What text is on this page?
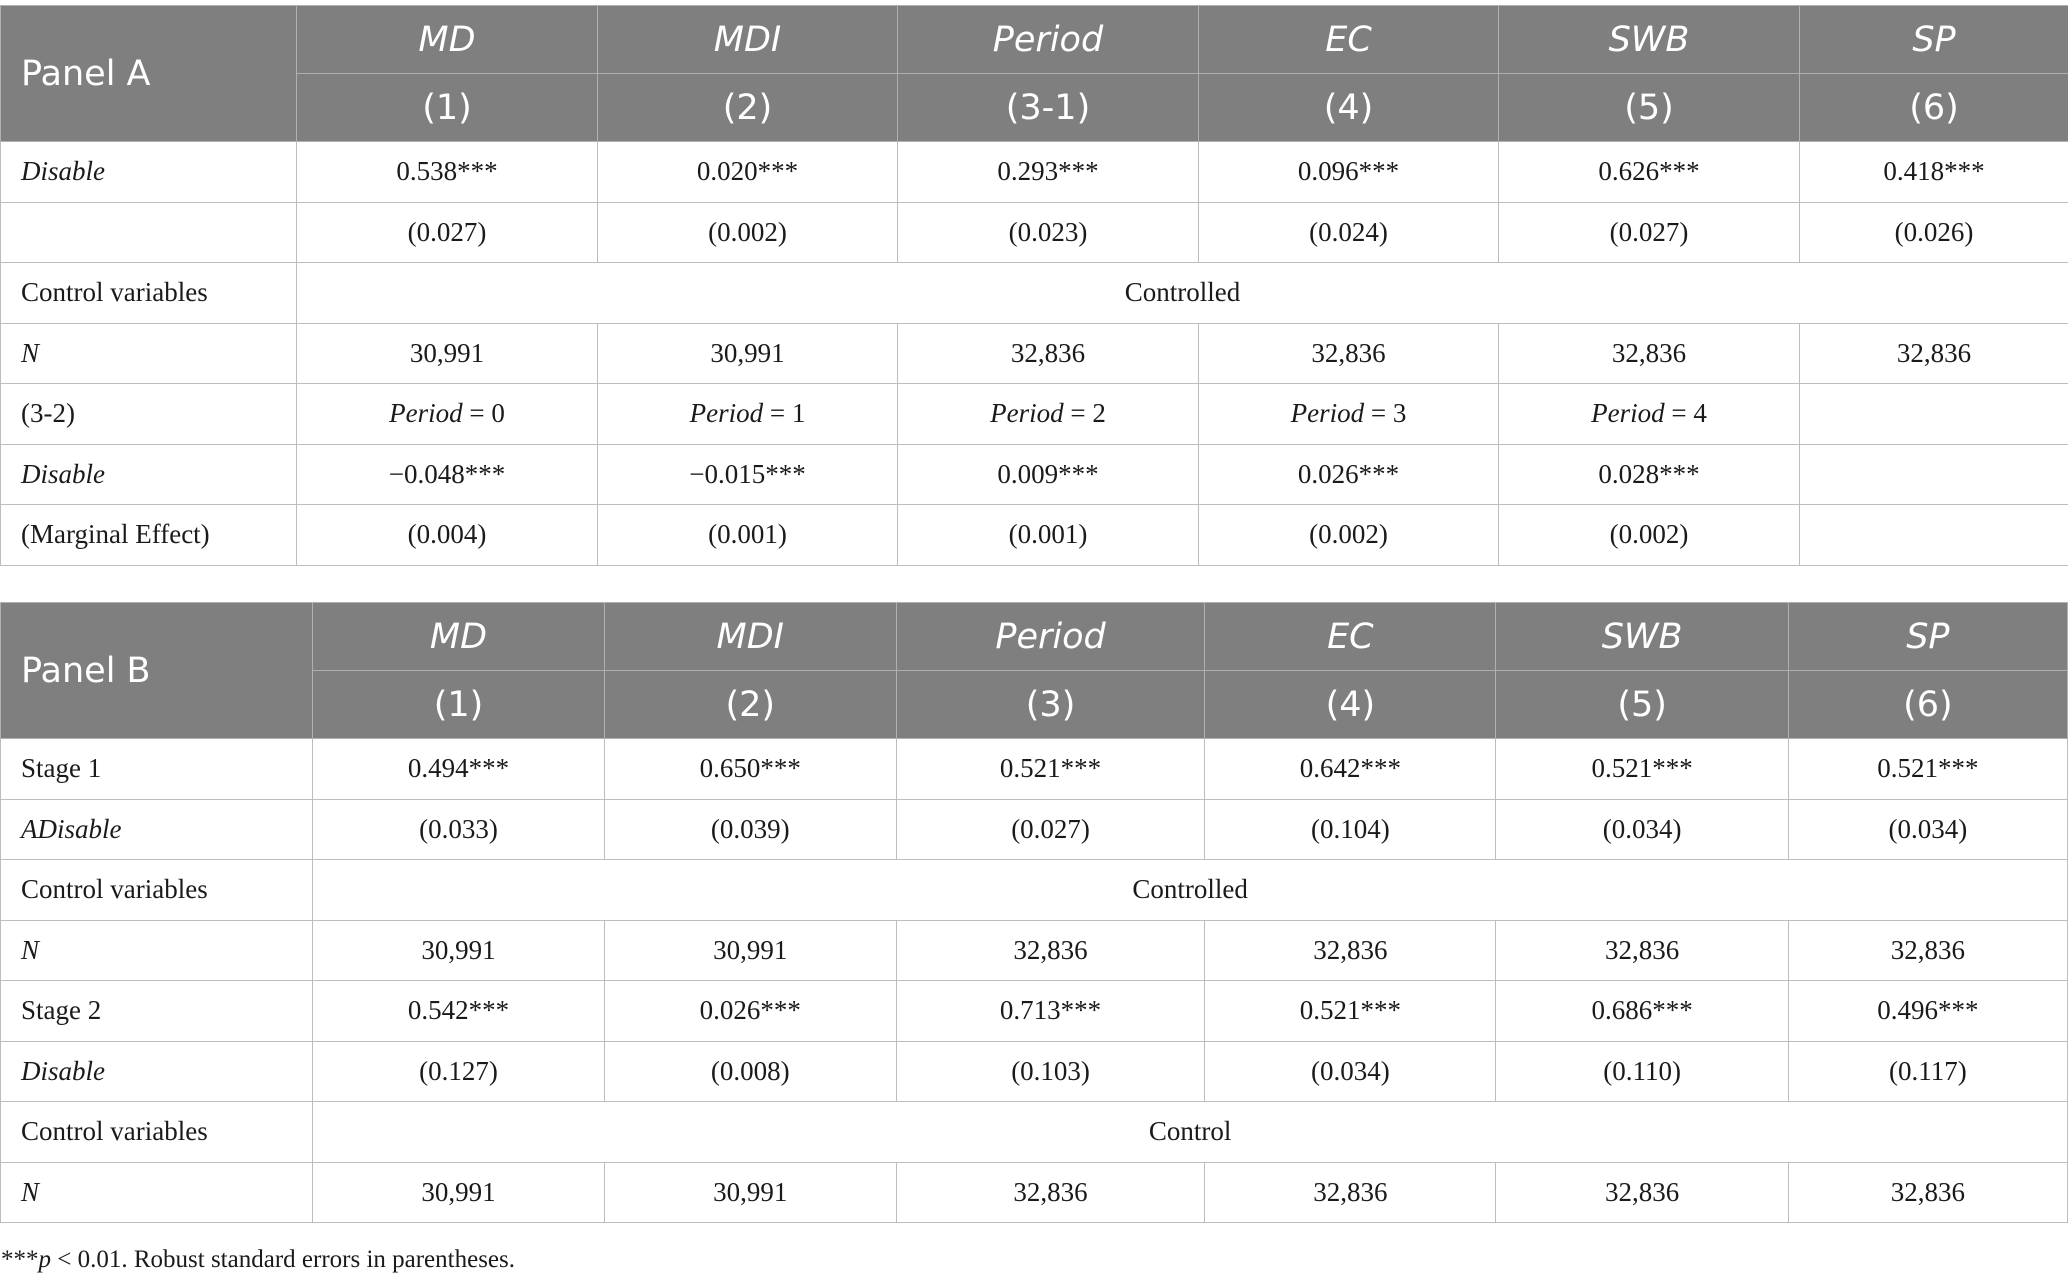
Panel A	MD	MDI	Period	EC	SWB	SP
	(1)	(2)	(3-1)	(4)	(5)	(6)
Disable	0.538***	0.020***	0.293***	0.096***	0.626***	0.418***
	(0.027)	(0.002)	(0.023)	(0.024)	(0.027)	(0.026)
Control variables	Controlled					
N	30,991	30,991	32,836	32,836	32,836	32,836
(3-2)	Period = 0	Period = 1	Period = 2	Period = 3	Period = 4	
Disable	−0.048***	−0.015***	0.009***	0.026***	0.028***	
(Marginal Effect)	(0.004)	(0.001)	(0.001)	(0.002)	(0.002)	
Panel B	MD	MDI	Period	EC	SWB	SP
	(1)	(2)	(3)	(4)	(5)	(6)
Stage 1	0.494***	0.650***	0.521***	0.642***	0.521***	0.521***
ADisable	(0.033)	(0.039)	(0.027)	(0.104)	(0.034)	(0.034)
Control variables	Controlled					
N	30,991	30,991	32,836	32,836	32,836	32,836
Stage 2	0.542***	0.026***	0.713***	0.521***	0.686***	0.496***
Disable	(0.127)	(0.008)	(0.103)	(0.034)	(0.110)	(0.117)
Control variables	Control					
N	30,991	30,991	32,836	32,836	32,836	32,836
***p < 0.01. Robust standard errors in parentheses.
